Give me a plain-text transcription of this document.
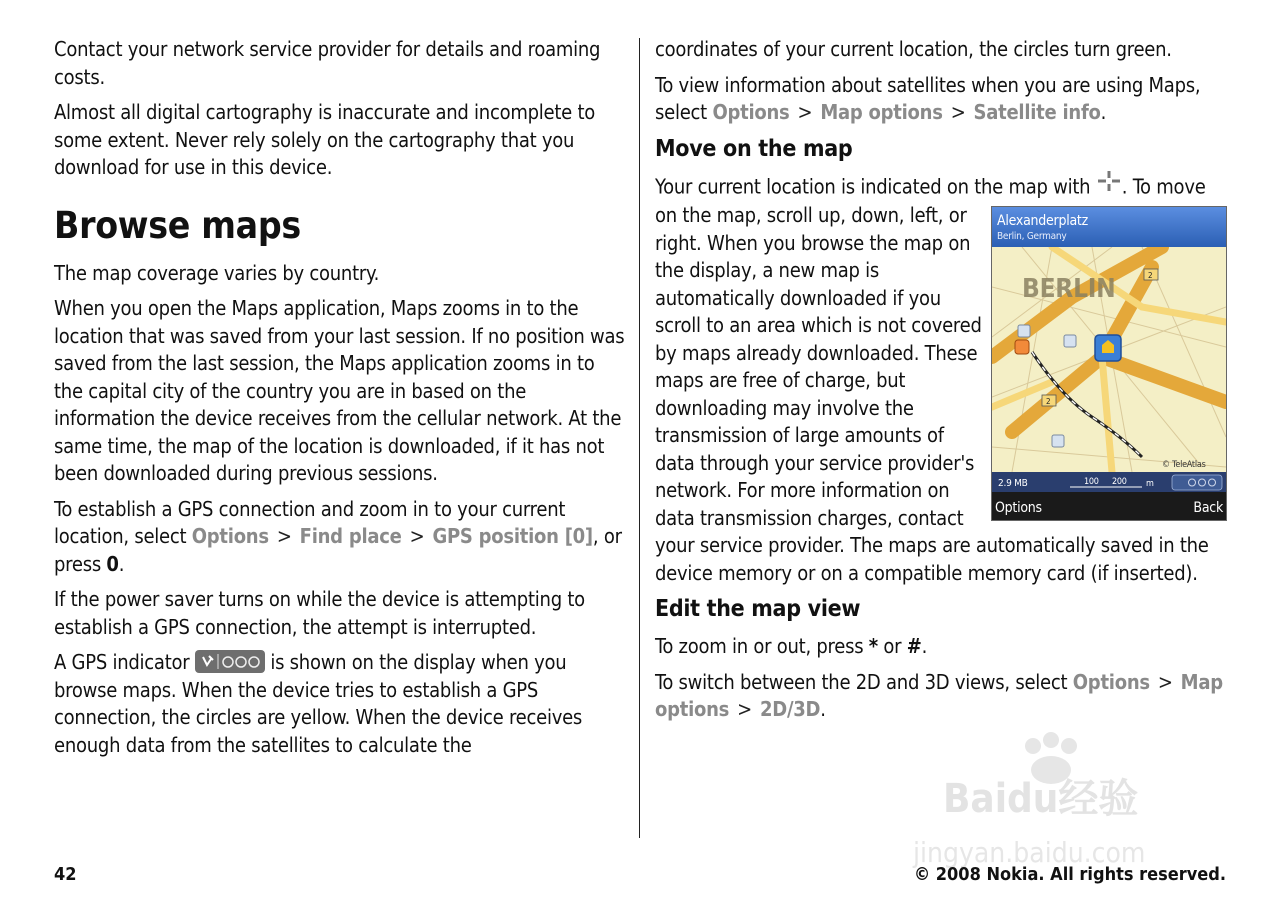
Contact your network service provider for details and roaming costs.

Almost all digital cartography is inaccurate and incomplete to some extent. Never rely solely on the cartography that you download for use in this device.

Browse maps

The map coverage varies by country.

When you open the Maps application, Maps zooms in to the location that was saved from your last session. If no position was saved from the last session, the Maps application zooms in to the capital city of the country you are in based on the information the device receives from the cellular network. At the same time, the map of the location is downloaded, if it has not been downloaded during previous sessions.

To establish a GPS connection and zoom in to your current location, select Options > Find place > GPS position [0], or press 0.

If the power saver turns on while the device is attempting to establish a GPS connection, the attempt is interrupted.

A GPS indicator	is shown on the display when you browse maps. When the device tries to establish a GPS connection, the circles are yellow. When the device receives enough data from the satellites to calculate the

coordinates of your current location, the circles turn green.

To view information about satellites when you are using Maps, select Options > Map options > Satellite info.

Move on the map

Your current location is indicated on the map with
Alexanderplatz
Berlin, Germany
BERLIN	2
2
2.9 MB	100 200 m
© TeleAtlas
Options	Back
. To move on the map, scroll up, down, left, or right. When you browse the map on the display, a new map is automatically downloaded if you scroll to an area which is not covered by maps already downloaded. These maps are free of charge, but downloading may involve the transmission of large amounts of data through your service provider's network. For more information on data transmission charges, contact your service provider. The maps are automatically saved in the device memory or on a compatible memory card (if inserted).

Edit the map view

To zoom in or out, press * or #.

To switch between the 2D and 3D views, select Options > Map options > 2D/3D.

Baidu经验
jingyan.baidu.com
42	© 2008 Nokia. All rights reserved.
